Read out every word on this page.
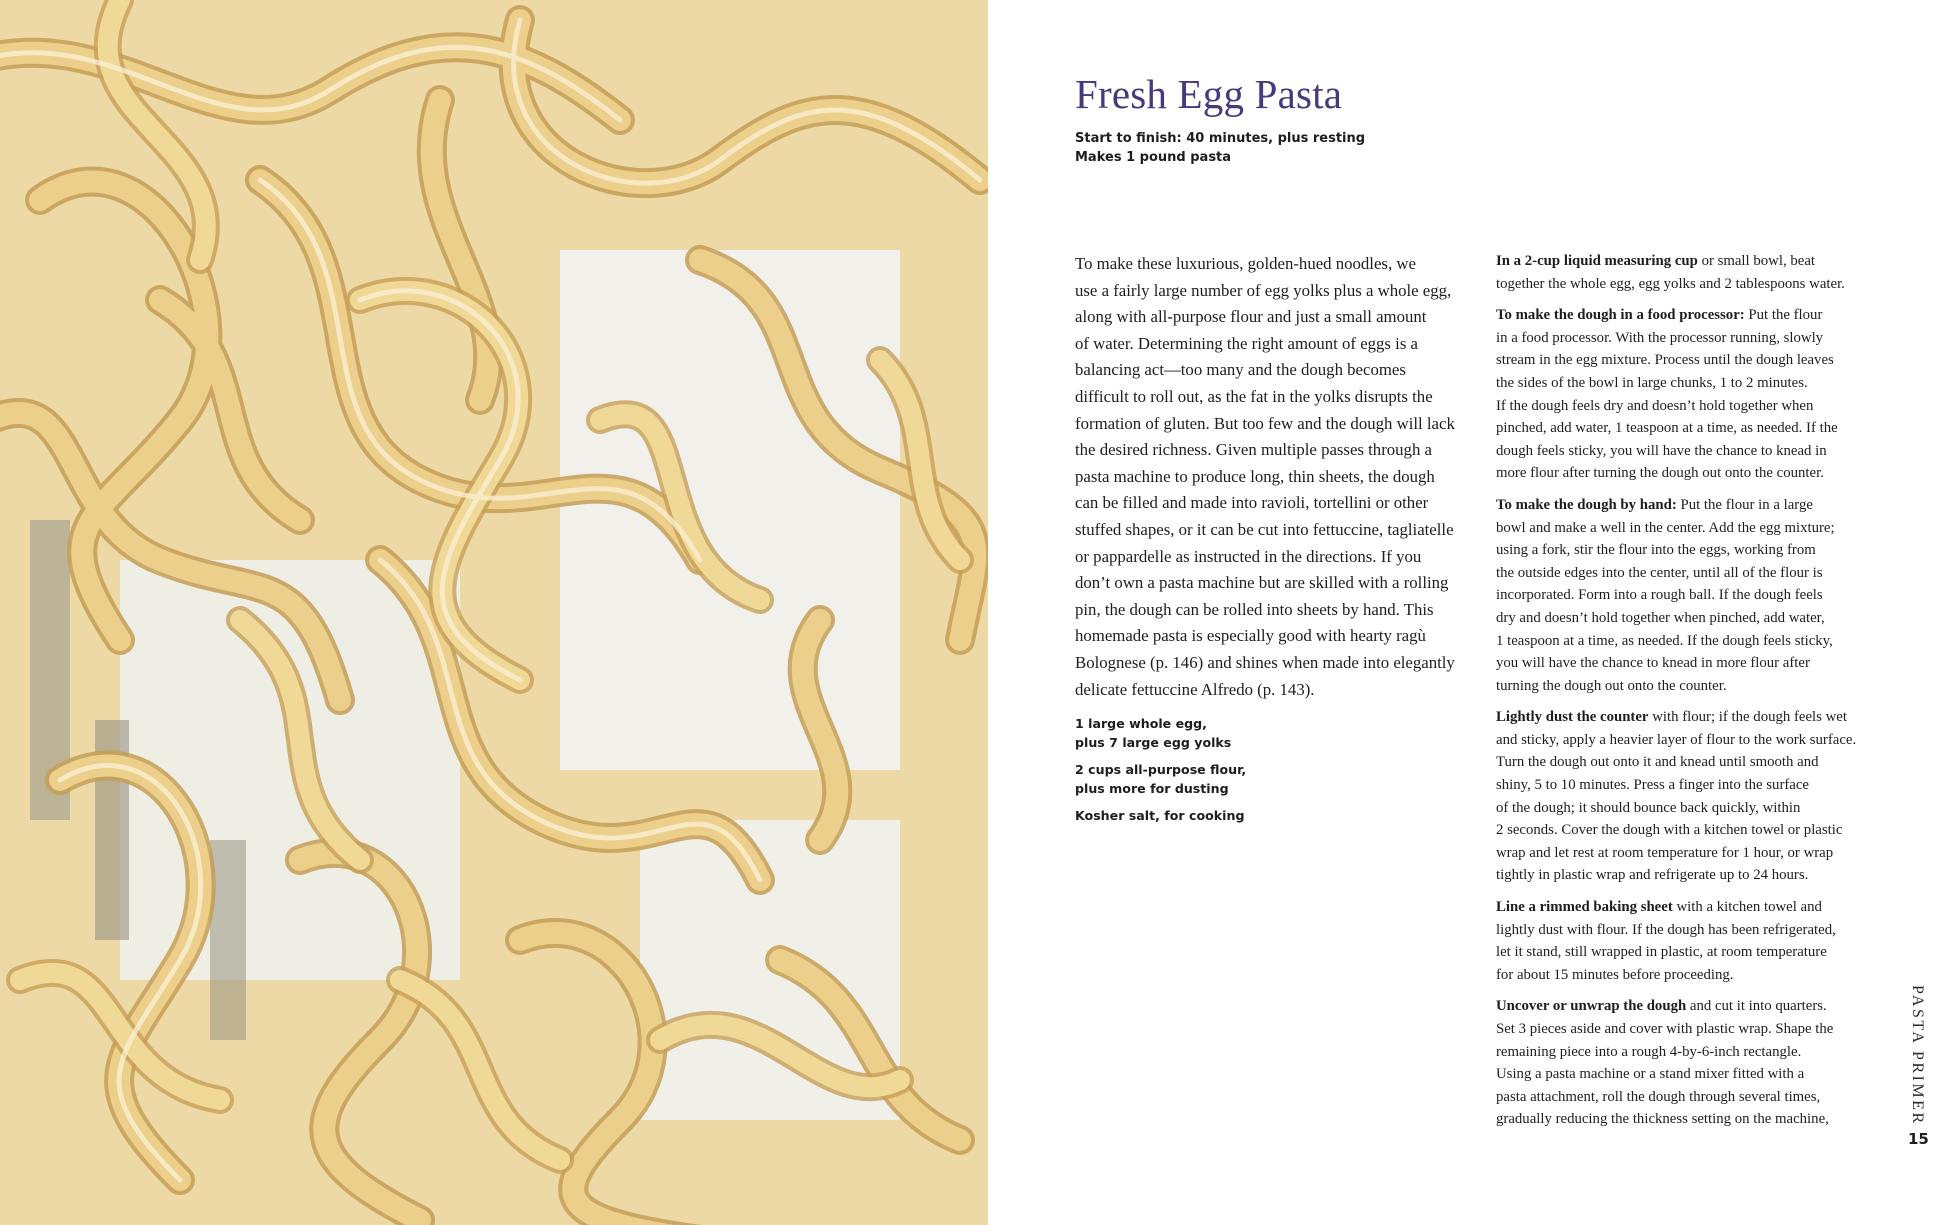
Fresh Egg Pasta
Start to finish: 40 minutes, plus resting
Makes 1 pound pasta

To make these luxurious, golden-hued noodles, we
use a fairly large number of egg yolks plus a whole egg,
along with all-purpose flour and just a small amount
of water. Determining the right amount of eggs is a
balancing act—too many and the dough becomes
difficult to roll out, as the fat in the yolks disrupts the
formation of gluten. But too few and the dough will lack
the desired richness. Given multiple passes through a
pasta machine to produce long, thin sheets, the dough
can be filled and made into ravioli, tortellini or other
stuffed shapes, or it can be cut into fettuccine, tagliatelle
or pappardelle as instructed in the directions. If you
don’t own a pasta machine but are skilled with a rolling
pin, the dough can be rolled into sheets by hand. This
homemade pasta is especially good with hearty ragù
Bolognese (p. 146) and shines when made into elegantly
delicate fettuccine Alfredo (p. 143).

1 large whole egg,
plus 7 large egg yolks
2 cups all-purpose flour,
plus more for dusting
Kosher salt, for cooking
In a 2-cup liquid measuring cup or small bowl, beat
together the whole egg, egg yolks and 2 tablespoons water.
To make the dough in a food processor: Put the flour
in a food processor. With the processor running, slowly
stream in the egg mixture. Process until the dough leaves
the sides of the bowl in large chunks, 1 to 2 minutes.
If the dough feels dry and doesn’t hold together when
pinched, add water, 1 teaspoon at a time, as needed. If the
dough feels sticky, you will have the chance to knead in
more flour after turning the dough out onto the counter.
To make the dough by hand: Put the flour in a large
bowl and make a well in the center. Add the egg mixture;
using a fork, stir the flour into the eggs, working from
the outside edges into the center, until all of the flour is
incorporated. Form into a rough ball. If the dough feels
dry and doesn’t hold together when pinched, add water,
1 teaspoon at a time, as needed. If the dough feels sticky,
you will have the chance to knead in more flour after
turning the dough out onto the counter.
Lightly dust the counter with flour; if the dough feels wet
and sticky, apply a heavier layer of flour to the work surface.
Turn the dough out onto it and knead until smooth and
shiny, 5 to 10 minutes. Press a finger into the surface
of the dough; it should bounce back quickly, within
2 seconds. Cover the dough with a kitchen towel or plastic
wrap and let rest at room temperature for 1 hour, or wrap
tightly in plastic wrap and refrigerate up to 24 hours.
Line a rimmed baking sheet with a kitchen towel and
lightly dust with flour. If the dough has been refrigerated,
let it stand, still wrapped in plastic, at room temperature
for about 15 minutes before proceeding.
Uncover or unwrap the dough and cut it into quarters.
Set 3 pieces aside and cover with plastic wrap. Shape the
remaining piece into a rough 4-by-6-inch rectangle.
Using a pasta machine or a stand mixer fitted with a
pasta attachment, roll the dough through several times,
gradually reducing the thickness setting on the machine,	PASTA PRIMER
15
